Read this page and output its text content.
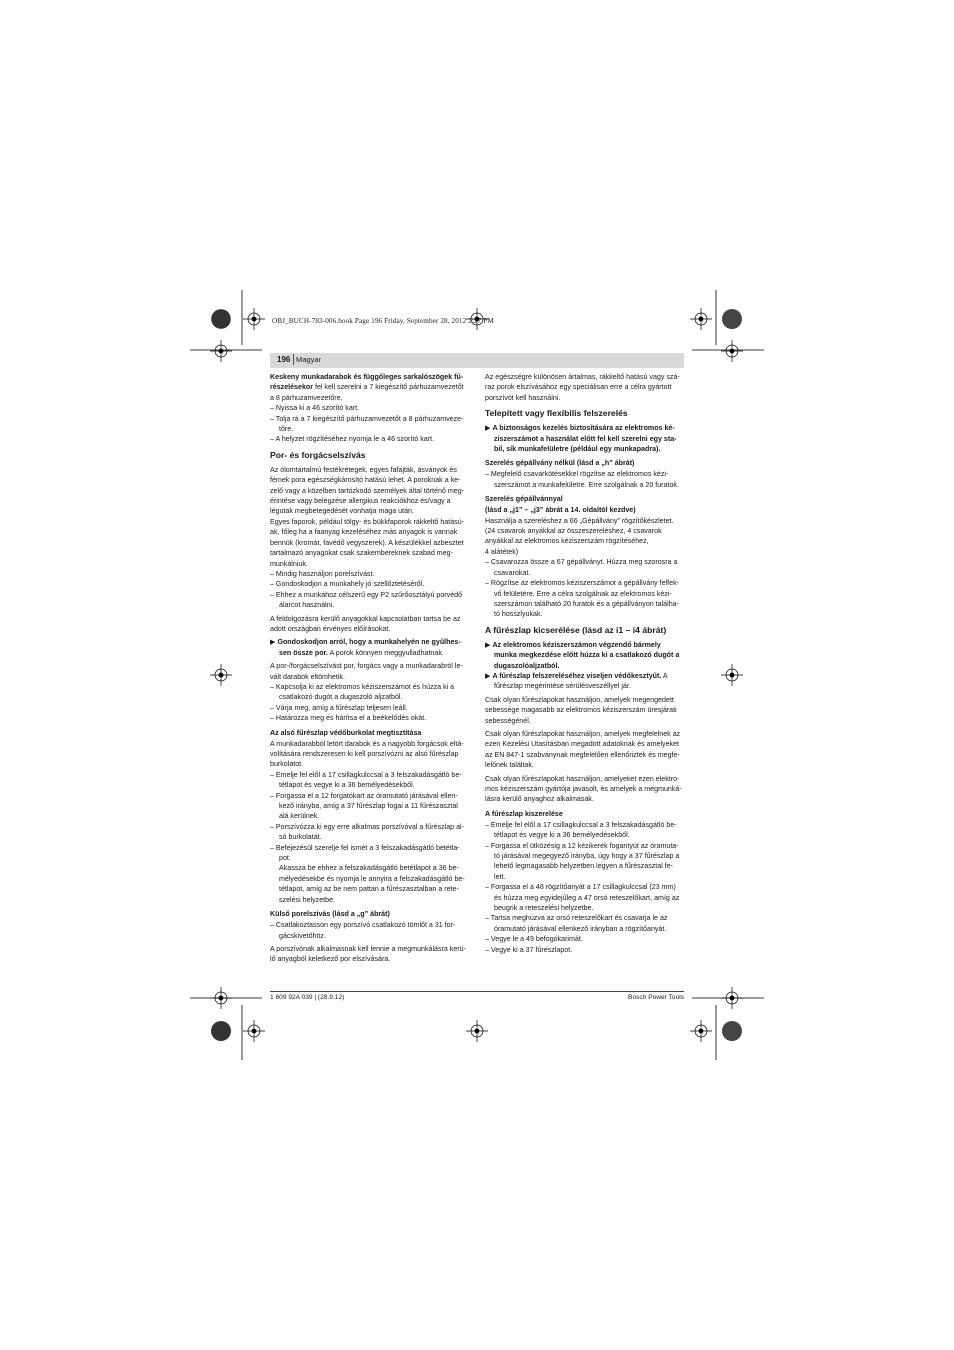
OBJ_BUCH-783-006.book Page 196 Friday, September 28, 2012 2:27 PM
196 Magyar

Keskeny munkadarabok és függőleges sarkalószögek fű-

részelésekor fel kell szerelni a 7 kiegészítő párhuzamvezetőt

a 8 párhuzamvezetőre.

– Nyissa ki a 46 szorító kart.

– Tolja rá a 7 kiegészítő párhuzamvezetőt a 8 párhuzamveze-

tőre.

– A helyzet rögzítéséhez nyomja le a 46 szorító kart.

Por- és forgácselszívás

Az ólomtartalmú festékrétegek, egyes fafajták, ásványok és

fémek pora egészségkárosító hatású lehet. A poroknak a ke-

zelő vagy a közelben tartózkodó személyek által történő meg-

érintése vagy belégzése allergikus reakciókhoz és/vagy a

légutak megbetegedését vonhatja maga után.

Egyes faporok, például tölgy- és bükkfaporok rákkeltő hatású-

ak, főleg ha a faanyag kezeléséhez más anyagok is vannak

bennük (kromát, favédő vegyszerek). A készülékkel azbesztet

tartalmazó anyagokat csak szakembereknek szabad meg-

munkálniuk.

– Mindig használjon porelszívást.

– Gondoskodjon a munkahely jó szellőztetéséről.

– Ehhez a munkához célszerű egy P2 szűrőosztályú porvédő

álarcot használni.

A feldolgozásra kerülő anyagokkal kapcsolatban tartsa be az

adott országban érvényes előírásokat.

▶ Gondoskodjon arról, hogy a munkahelyén ne gyűlhes-

sen össze por. A porok könnyen meggyulladhatnak.

A por-/forgácselszívást por, forgács vagy a munkadarabról le-

vált darabok eltömhetik.

– Kapcsolja ki az elektromos kéziszerszámot és húzza ki a

csatlakozó dugót a dugaszoló aljzatból.

– Várja meg, amíg a fűrészlap teljesen leáll.

– Határozza meg és hárítsa el a beékelődés okát.

Az alsó fűrészlap védőburkolat megtisztítása

A munkadarabból letört darabok és a nagyobb forgácsok eltá-

volítására rendszeresen ki kell porszívózni az alsó fűrészlap

burkolatot.

– Emelje fel elől a 17 csillagkulccsal a 3 felszakadásgátló be-

tétlapot és vegye ki a 36 bemélyedésekből.

– Forgassa el a 12 forgatókart az óramutató járásával ellen-

kező irányba, amíg a 37 fűrészlap fogai a 11 fűrészasztal

alá kerülnek.

– Porszívózza ki egy erre alkalmas porszívóval a fűrészlap al-

só burkolatát.

– Befejezésül szerelje fel ismét a 3 felszakadásgátló betétla-

pot.

Akassza be ehhez a felszakadásgátló betétlapot a 36 be-

mélyedésekbe és nyomja le annyira a felszakadásgátló be-

tétlapot, amíg az be nem pattan a fűrészasztalban a rete-

szelési helyzetbe.

Külső porelszívás (lásd a „g” ábrát)

– Csatlakoztasson egy porszívó csatlakozó tömlőt a 31 for-

gácskivetőhöz.

A porszívónak alkalmasnak kell lennie a megmunkálásra kerü-

lő anyagból keletkező por elszívására.

Az egészségre különösen ártalmas, rákkeltő hatású vagy szá-

raz porok elszívásához egy speciálisan erre a célra gyártott

porszívót kell használni.

Telepített vagy flexibilis felszerelés

▶ A biztonságos kezelés biztosítására az elektromos ké-

ziszerszámot a használat előtt fel kell szerelni egy sta-

bil, sík munkafelületre (például egy munkapadra).

Szerelés gépállvány nélkül (lásd a „h” ábrát)

– Megfelelő csavarkötésekkel rögzítse az elektromos kézi-

szerszámot a munkafelületre. Erre szolgálnak a 20 furatok.

Szerelés gépállvánnyal

(lásd a „j1” – „j3” ábrát a 14. oldaltól kezdve)

Használja a szereléshez a 66 „Gépállvány” rögzítőkészletet.

(24 csavarok anyákkal az összeszereléshez, 4 csavarok

anyákkal az elektromos kéziszerszám rögzítéséhez,

4 alátétek)

– Csavarozza össze a 67 gépállványt. Húzza meg szorosra a

csavarokat.

– Rögzítse az elektromos kéziszerszámot a gépállvány felfek-

vő felületére. Erre a célra szolgálnak az elektromos kézi-

szerszámon található 20 furatok és a gépállványon találha-

tó hosszlyukak.

A fűrészlap kicserélése (lásd az i1 – i4 ábrát)

▶ Az elektromos kéziszerszámon végzendő bármely

munka megkezdése előtt húzza ki a csatlakozó dugót a

dugaszolóaljzatból.

▶ A fűrészlap felszereléséhez viseljen védőkesztyűt. A

fűrészlap megérintése sérülésveszéllyel jár.

Csak olyan fűrészlapokat használjon, amelyek megengedett

sebessége magasabb az elektromos kéziszerszám üresjárati

sebességénél.

Csak olyan fűrészlapokat használjon, amelyek megfelelnek az

ezen Kezelési Utasításban megadott adatoknak és amelyeket

az EN 847-1 szabványnak megfelelően ellenőriztek és megfe-

lelőnek találtak.

Csak olyan fűrészlapokat használjon, amelyeket ezen elektro-

mos kéziszerszám gyártója javasolt, és amelyek a megmunká-

lásra kerülő anyaghoz alkalmasak.

A fűrészlap kiszerelése

– Emelje fel elől a 17 csillagkulccsal a 3 felszakadásgátló be-

tétlapot és vegye ki a 36 bemélyedésekből.

– Forgassa el ütközésig a 12 kézikerék fogantyút az óramuta-

tó járásával megegyező irányba, úgy hogy a 37 fűrészlap a

lehető legmagasabb helyzetben legyen a fűrészasztal fe-

lett.

– Forgassa el a 48 rögzítőanyát a 17 csillagkulccsal (23 mm)

és húzza meg egyidejűleg a 47 orsó reteszelőkart, amíg az

beugrik a reteszelési helyzetbe.

– Tartsa meghúzva az orsó reteszelőkart és csavarja le az

óramutató járásával ellenkező irányban a rögzítőanyát.

– Vegye le a 49 befogókarimát.

– Vegye ki a 37 fűrészlapot.

1 609 92A 039 | (28.9.12)	Bosch Power Tools
